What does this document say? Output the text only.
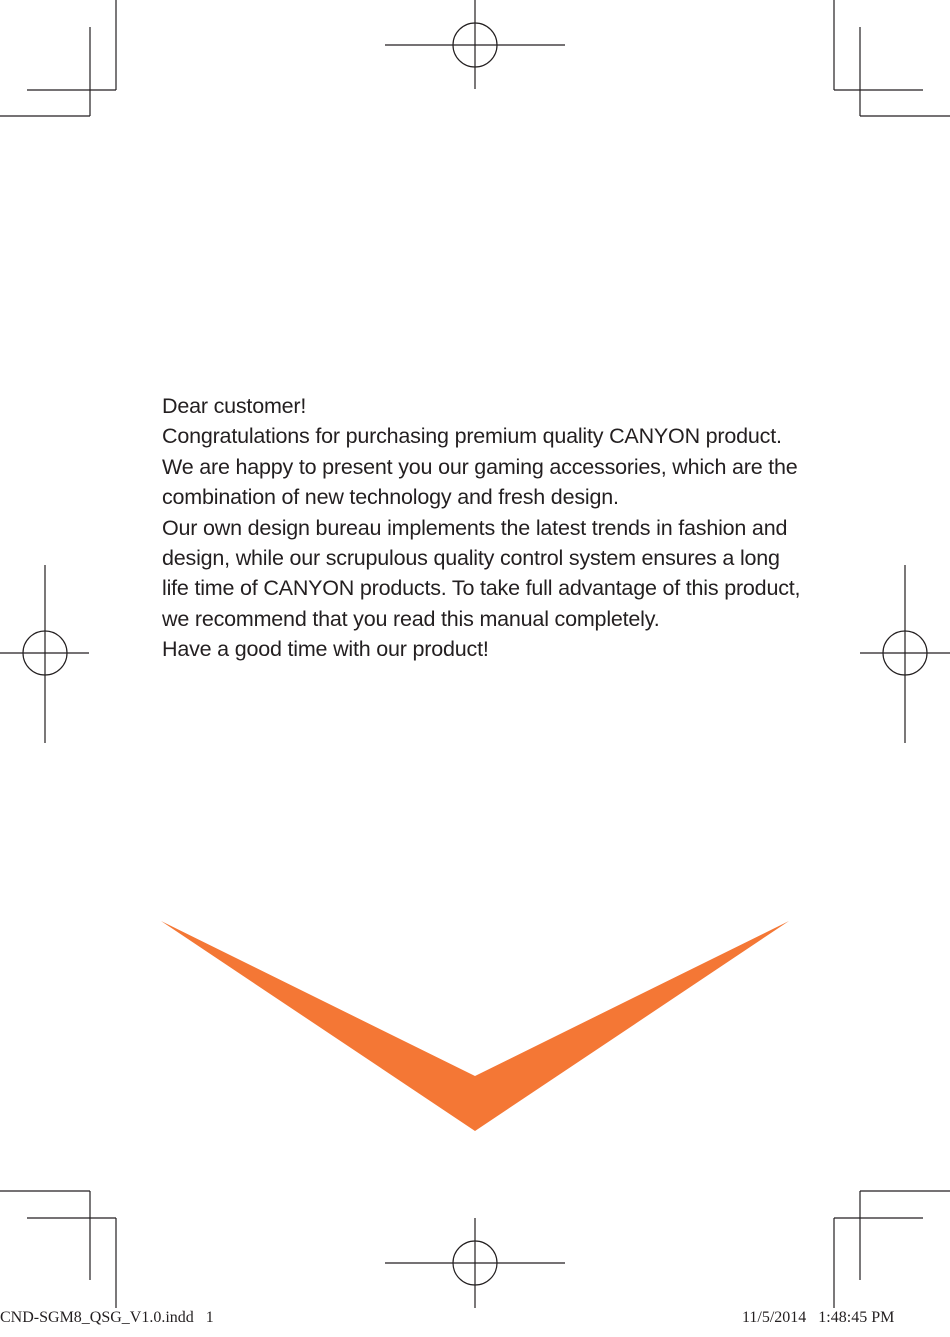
Dear customer!

Congratulations for purchasing premium quality CANYON product.

We are happy to present you our gaming accessories, which are the combination of new technology and fresh design.

Our own design bureau implements the latest trends in fashion and design, while our scrupulous quality control system ensures a long life time of CANYON products. To take full advantage of this product, we recommend that you read this manual completely.

Have a good time with our product!

CND-SGM8_QSG_V1.0.indd   1	11/5/2014   1:48:45 PM
